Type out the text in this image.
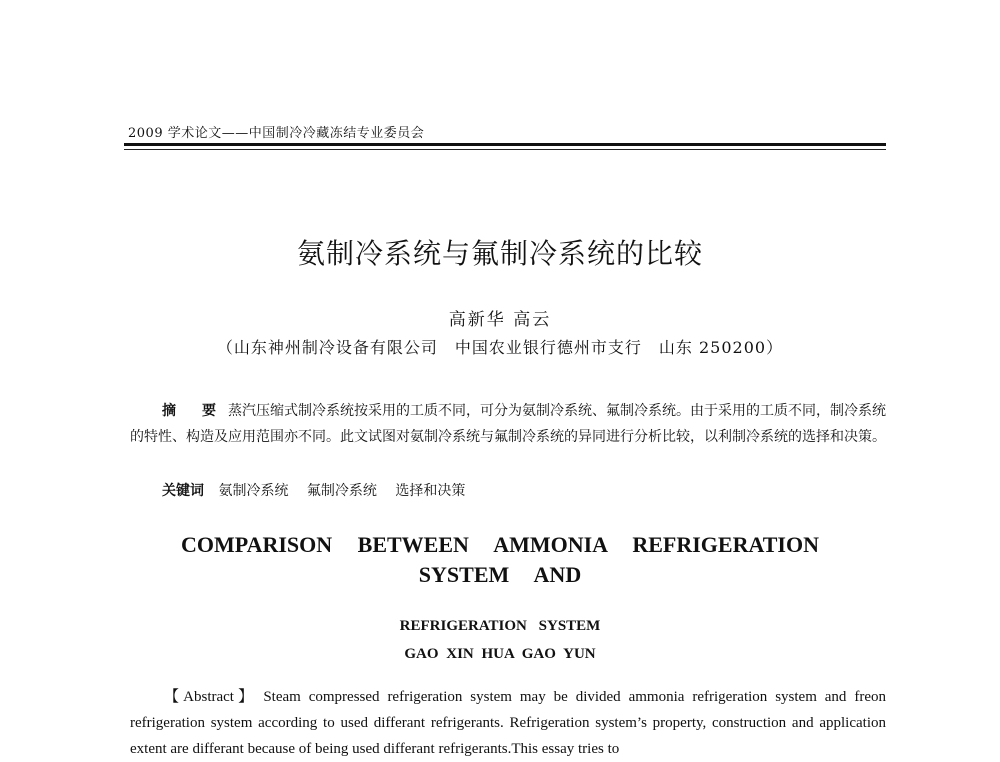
2009 学术论文——中国制冷冷藏冻结专业委员会
氨制冷系统与氟制冷系统的比较
高新华 高云
（山东神州制冷设备有限公司　中国农业银行德州市支行　山东 250200）

摘　要 蒸汽压缩式制冷系统按采用的工质不同，可分为氨制冷系统、氟制冷系统。由于采用的工质不同，制冷系统的特性、构造及应用范围亦不同。此文试图对氨制冷系统与氟制冷系统的异同进行分析比较，以利制冷系统的选择和决策。

关键词 氨制冷系统 氟制冷系统 选择和决策
COMPARISON BETWEEN AMMONIA REFRIGERATION
SYSTEM AND
REFRIGERATION SYSTEM
GAO XIN HUA GAO YUN

【Abstract】 Steam compressed refrigeration system may be divided ammonia refrigeration system and freon refrigeration system according to used differant refrigerants. Refrigeration system’s property, construction and application extent are differant because of being used differant refrigerants.This essay tries to
